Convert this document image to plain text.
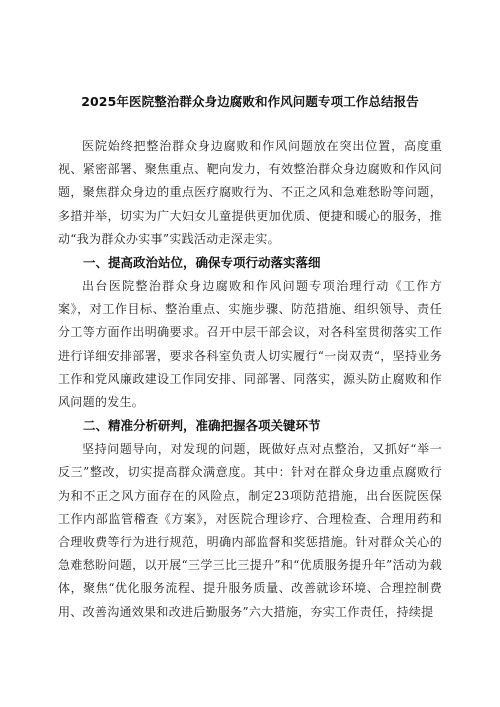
2025年医院整治群众身边腐败和作风问题专项工作总结报告

医院始终把整治群众身边腐败和作风问题放在突出位置，高度重视、紧密部署、聚焦重点、靶向发力，有效整治群众身边腐败和作风问题，聚焦群众身边的重点医疗腐败行为、不正之风和急难愁盼等问题，多措并举，切实为广大妇女儿童提供更加优质、便捷和暖心的服务，推动“我为群众办实事”实践活动走深走实。

一、提高政治站位，确保专项行动落实落细

出台医院整治群众身边腐败和作风问题专项治理行动《工作方案》，对工作目标、整治重点、实施步骤、防范措施、组织领导、责任分工等方面作出明确要求。召开中层干部会议，对各科室贯彻落实工作进行详细安排部署，要求各科室负责人切实履行“一岗双责“，坚持业务工作和党风廉政建设工作同安排、同部署、同落实，源头防止腐败和作风问题的发生。

二、精准分析研判，准确把握各项关键环节

坚持问题导向，对发现的问题，既做好点对点整治，又抓好“举一反三”整改，切实提高群众满意度。其中：针对在群众身边重点腐败行为和不正之风方面存在的风险点，制定23项防范措施，出台医院医保工作内部监管稽查《方案》，对医院合理诊疗、合理检查、合理用药和合理收费等行为进行规范，明确内部监督和奖惩措施。针对群众关心的急难愁盼问题，以开展“三学三比三提升”和“优质服务提升年”活动为载体，聚焦“优化服务流程、提升服务质量、改善就诊环境、合理控制费用、改善沟通效果和改进后勤服务”六大措施，夯实工作责任，持续提
